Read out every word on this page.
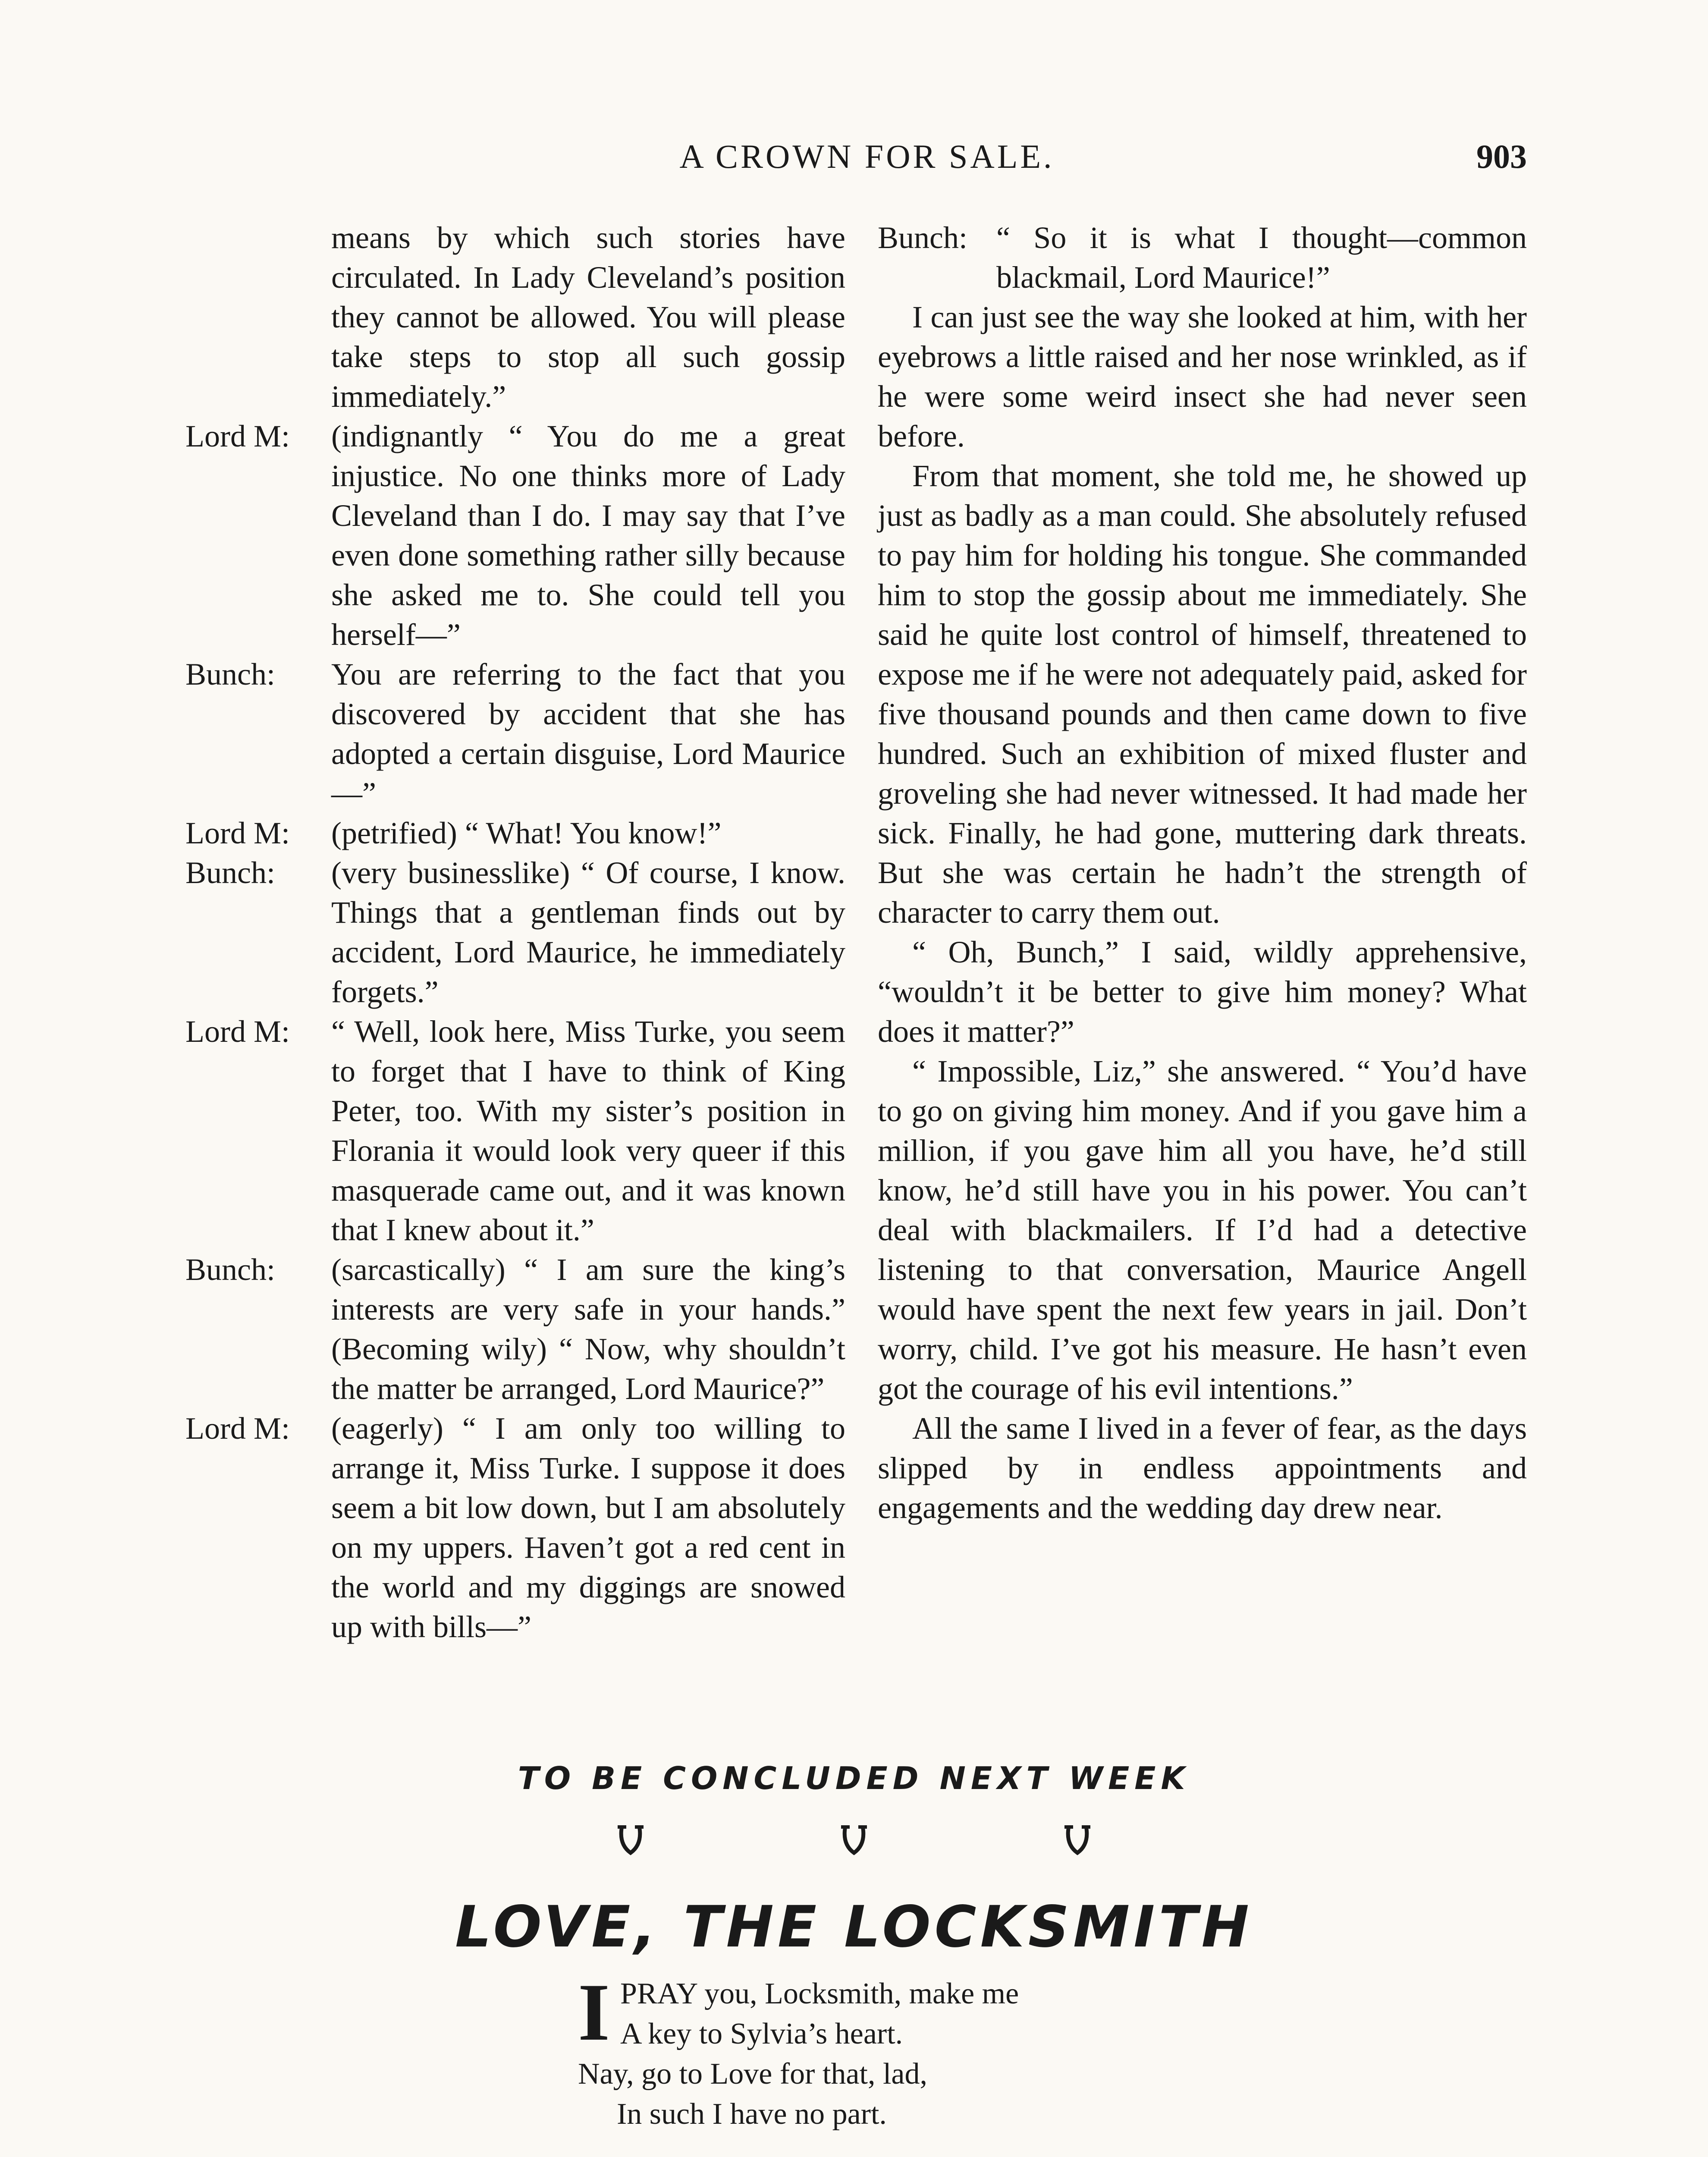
A CROWN FOR SALE.	903
means by which such stories have circulated. In Lady Cleveland’s position they cannot be allowed. You will please take steps to stop all such gossip immediately.”
Lord M:	(indignantly “ You do me a great injustice. No one thinks more of Lady Cleveland than I do. I may say that I’ve even done something rather silly because she asked me to. She could tell you herself—”
Bunch:	You are referring to the fact that you discovered by accident that she has adopted a certain disguise, Lord Maurice—”
Lord M:	(petrified) “ What! You know!”
Bunch:	(very businesslike) “ Of course, I know. Things that a gentleman finds out by accident, Lord Maurice, he immediately forgets.”
Lord M:	“ Well, look here, Miss Turke, you seem to forget that I have to think of King Peter, too. With my sister’s position in Florania it would look very queer if this masquerade came out, and it was known that I knew about it.”
Bunch:	(sarcastically) “ I am sure the king’s interests are very safe in your hands.” (Becoming wily) “ Now, why shouldn’t the matter be arranged, Lord Maurice?”
Lord M:	(eagerly) “ I am only too willing to arrange it, Miss Turke. I suppose it does seem a bit low down, but I am absolutely on my uppers. Haven’t got a red cent in the world and my diggings are snowed up with bills—”
Bunch: “ So it is what I thought—common blackmail, Lord Maurice!”

I can just see the way she looked at him, with her eyebrows a little raised and her nose wrinkled, as if he were some weird insect she had never seen before.

From that moment, she told me, he showed up just as badly as a man could. She absolutely refused to pay him for holding his tongue. She commanded him to stop the gossip about me immediately. She said he quite lost control of himself, threatened to expose me if he were not adequately paid, asked for five thousand pounds and then came down to five hundred. Such an exhibition of mixed fluster and groveling she had never witnessed. It had made her sick. Finally, he had gone, muttering dark threats. But she was certain he hadn’t the strength of character to carry them out.

“ Oh, Bunch,” I said, wildly apprehensive, “wouldn’t it be better to give him money? What does it matter?”

“ Impossible, Liz,” she answered. “ You’d have to go on giving him money. And if you gave him a million, if you gave him all you have, he’d still know, he’d still have you in his power. You can’t deal with blackmailers. If I’d had a detective listening to that conversation, Maurice Angell would have spent the next few years in jail. Don’t worry, child. I’ve got his measure. He hasn’t even got the courage of his evil intentions.”

All the same I lived in a fever of fear, as the days slipped by in endless appointments and engagements and the wedding day drew near.

TO BE CONCLUDED NEXT WEEK
LOVE, THE LOCKSMITH
I PRAY you, Locksmith, make me
A key to Sylvia’s heart.
Nay, go to Love for that, lad,
In such I have no part.
